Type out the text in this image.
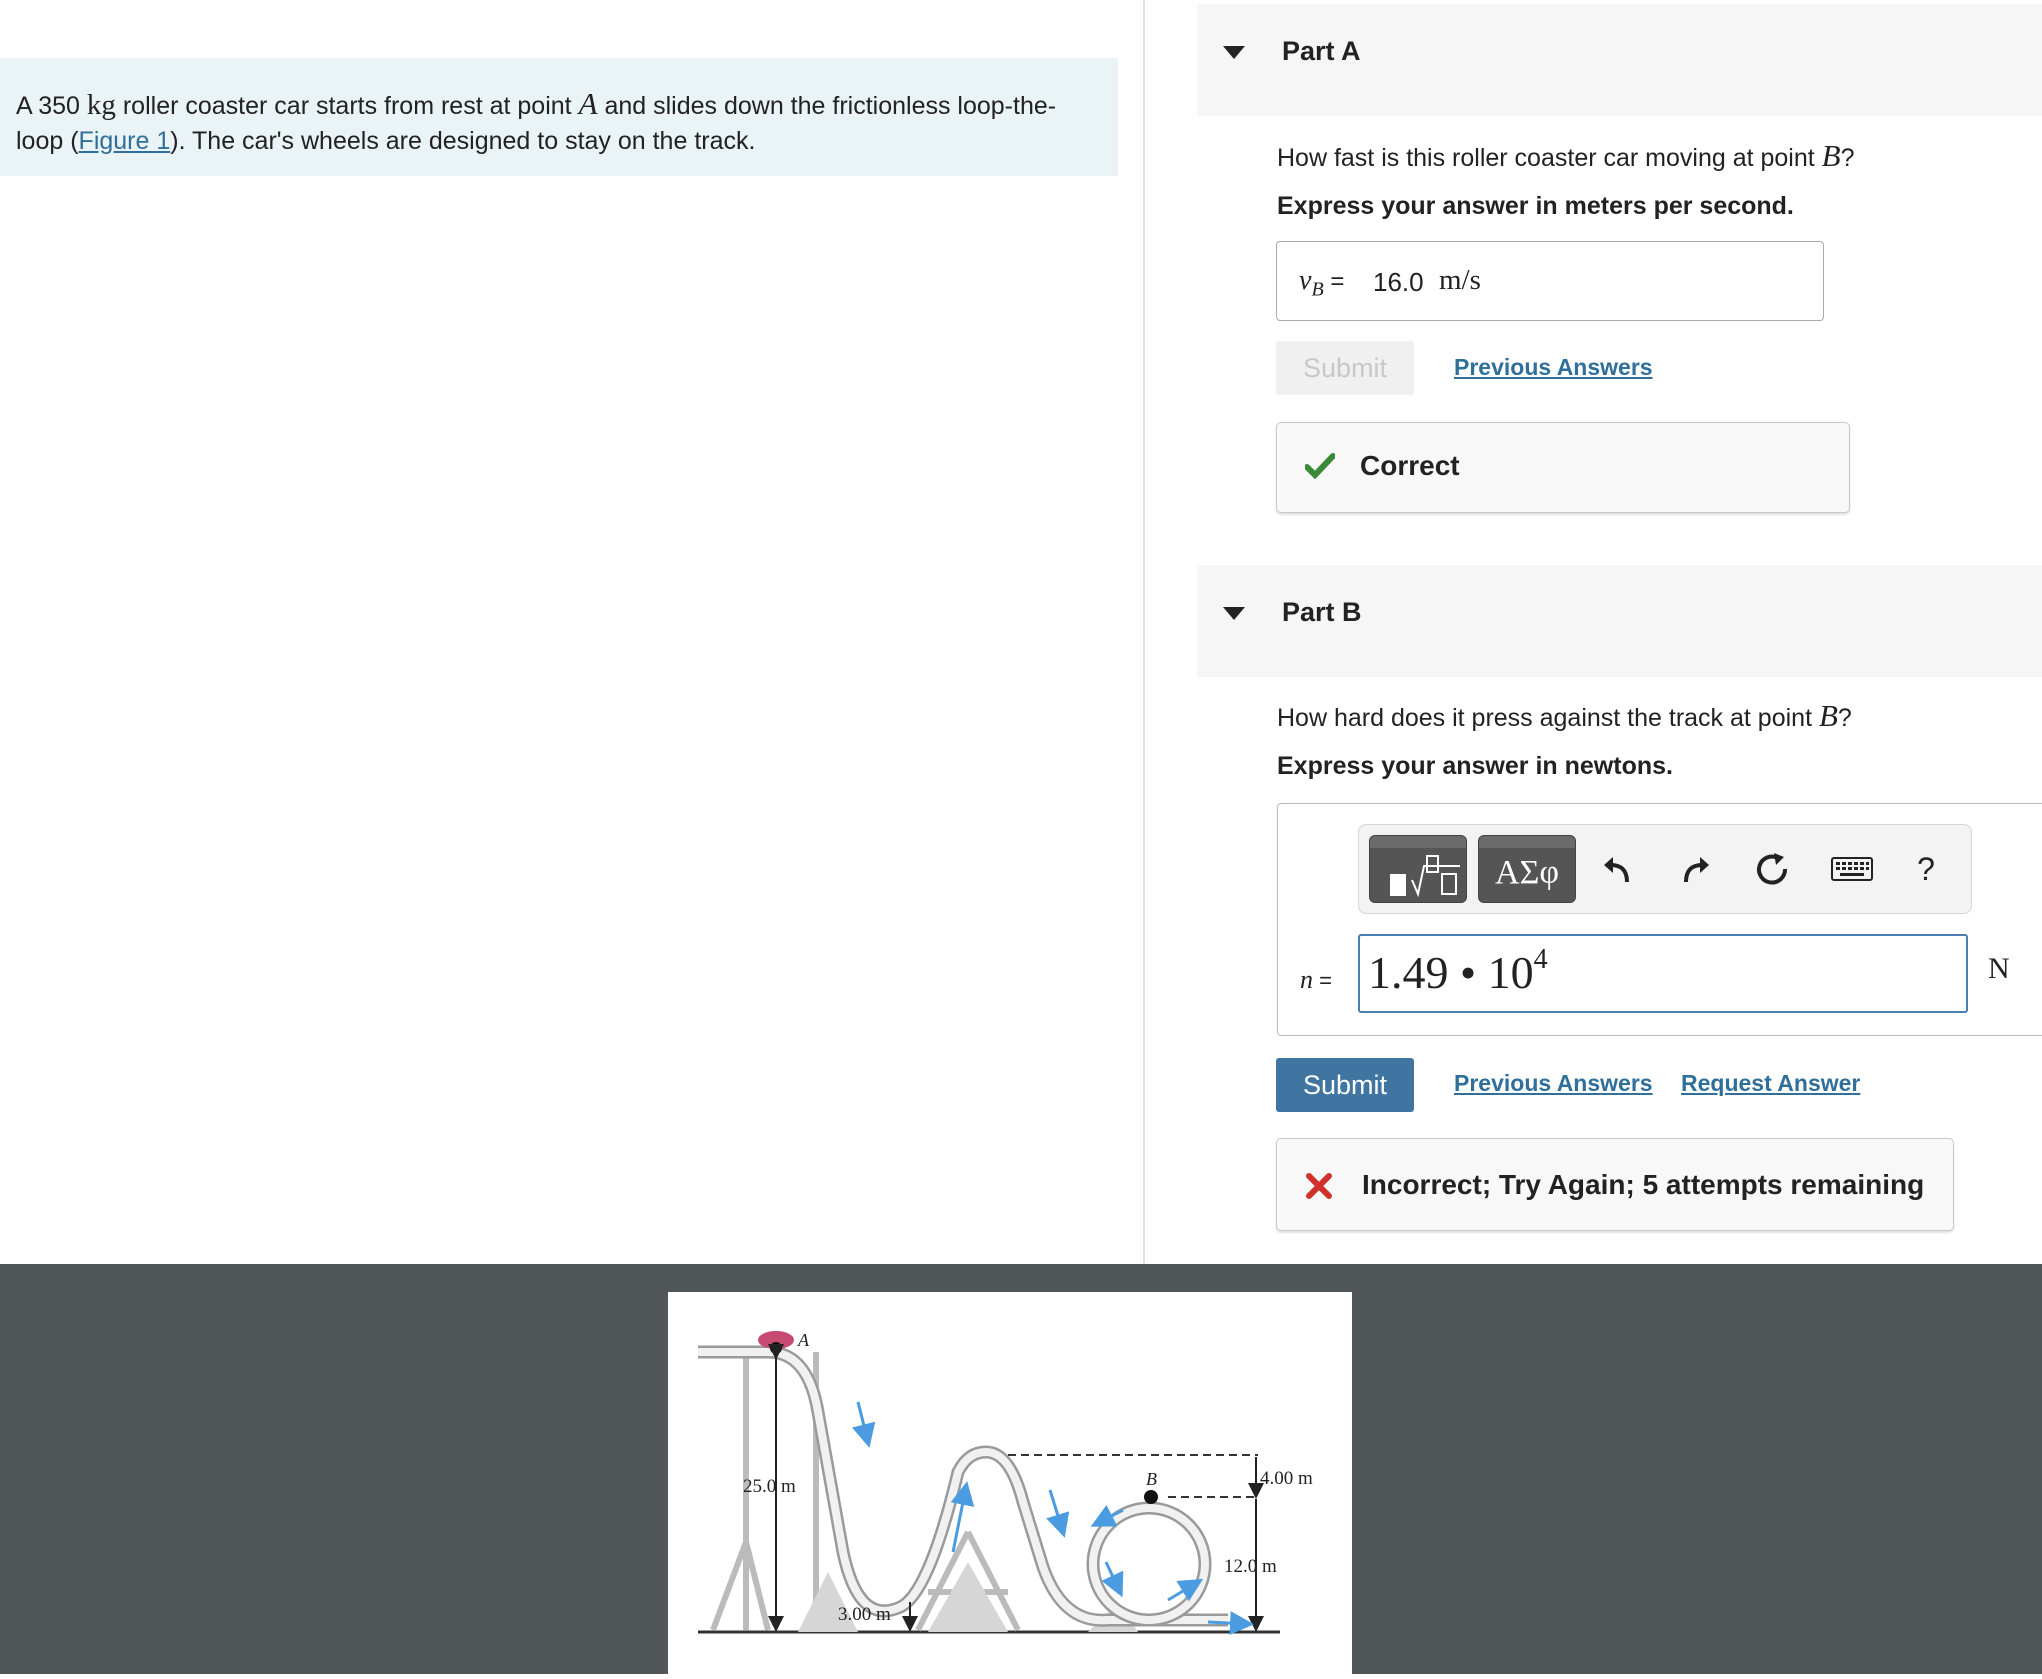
A 350 kg roller coaster car starts from rest at point A and slides down the frictionless loop-the-loop (Figure 1). The car's wheels are designed to stay on the track.
Part A
How fast is this roller coaster car moving at point B?
Express your answer in meters per second.
$v_B = 16.0$ m/s
Submit	Previous Answers
Correct
Part B
How hard does it press against the track at point B?
Express your answer in newtons.
ΑΣφ	?
n = 1.49 • $10^4$	N
Submit	Previous Answers Request Answer
Incorrect; Try Again; 5 attempts remaining
A
B
25.0 m
3.00 m
4.00 m
12.0 m
